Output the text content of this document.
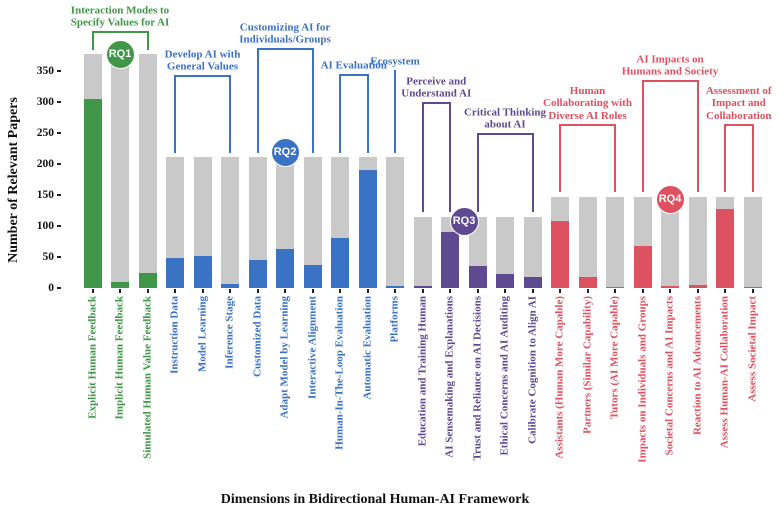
Number of Relevant Papers
Dimensions in Bidirectional Human-AI Framework
0
50
100
150
200
250
300
350
Explicit Human Feedback Implicit Human Feedback Simulated Human Value Feedback Instruction Data Model Learning Inference Stage Customized Data Adapt Model by Learning Interactive Alignment Human-In-The-Loop Evaluation Automatic Evaluation Platforms Education and Training Human AI Sensemaking and Explanations Trust and Reliance on AI Decisions Ethical Concerns and AI Auditing Calibrate Cognition to Align AI Assistants (Human More Capable) Partners (Similar Capability) Tutors (AI More Capable) Impacts on Individuals and Groups Societal Concerns and AI Impacts Reaction to AI Advancements Assess Human-AI Collaboration Assess Societal Impact
Interaction Modes to
Specify Values for AI
Develop AI with
General Values
Customizing AI for
Individuals/Groups
AI Evaluation
Ecosystem
Perceive and
Understand AI
Critical Thinking
about AI
Human
Collaborating with
Diverse AI Roles
AI Impacts on
Humans and Society
Assessment of
Impact and
Collaboration
RQ1
RQ2
RQ3
RQ4
